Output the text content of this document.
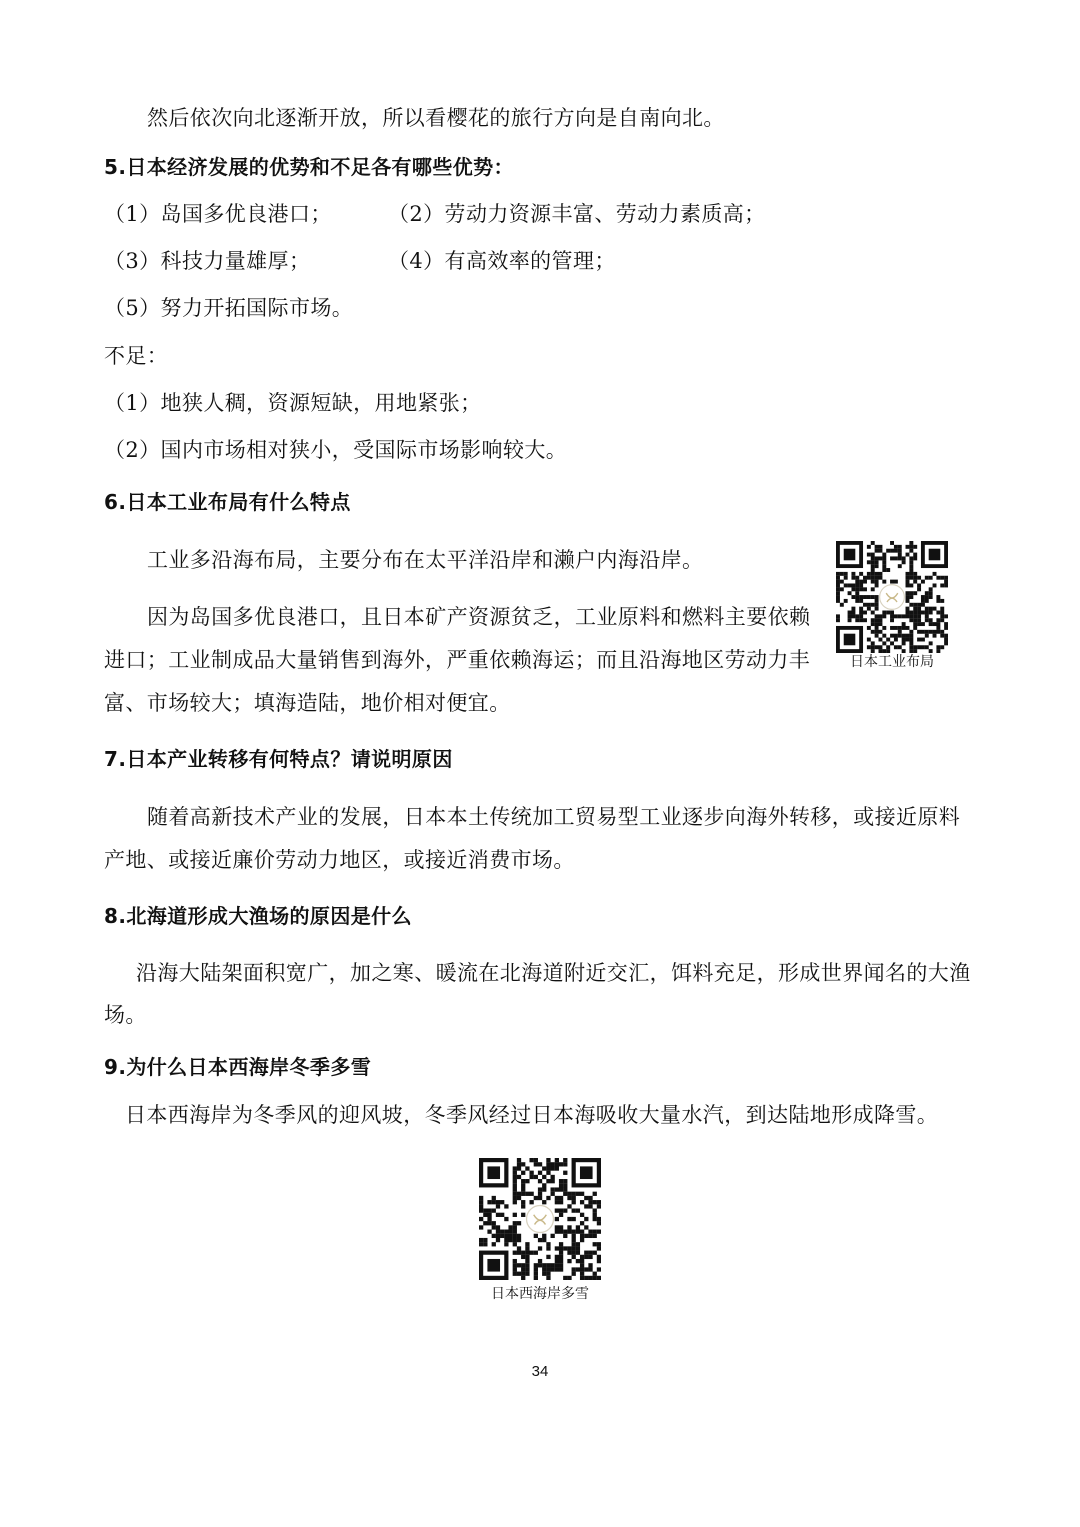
然后依次向北逐渐开放，所以看樱花的旅行方向是自南向北。

5.日本经济发展的优势和不足各有哪些优势：

（1）岛国多优良港口；	（2）劳动力资源丰富、劳动力素质高；

（3）科技力量雄厚；	（4）有高效率的管理；

（5）努力开拓国际市场。

不足：

（1）地狭人稠，资源短缺，用地紧张；

（2）国内市场相对狭小，受国际市场影响较大。

6.日本工业布局有什么特点

工业多沿海布局，主要分布在太平洋沿岸和濑户内海沿岸。

因为岛国多优良港口，且日本矿产资源贫乏，工业原料和燃料主要依赖

进口；工业制成品大量销售到海外，严重依赖海运；而且沿海地区劳动力丰

富、市场较大；填海造陆，地价相对便宜。

7.日本产业转移有何特点？请说明原因

随着高新技术产业的发展，日本本土传统加工贸易型工业逐步向海外转移，或接近原料

产地、或接近廉价劳动力地区，或接近消费市场。

8.北海道形成大渔场的原因是什么

沿海大陆架面积宽广，加之寒、暖流在北海道附近交汇，饵料充足，形成世界闻名的大渔

场。

9.为什么日本西海岸冬季多雪

日本西海岸为冬季风的迎风坡，冬季风经过日本海吸收大量水汽，到达陆地形成降雪。

日本工业布局
日本西海岸多雪
34
